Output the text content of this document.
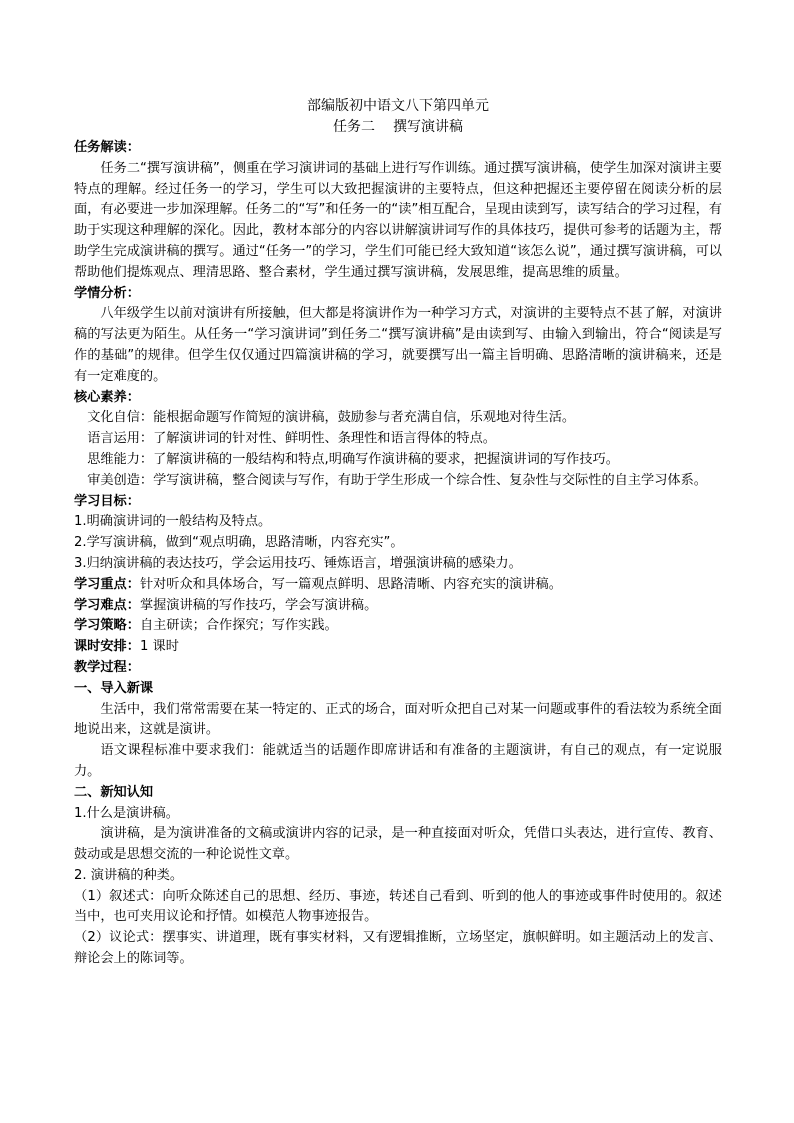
部编版初中语文八下第四单元
任务二 撰写演讲稿
任务解读：
任务二“撰写演讲稿”，侧重在学习演讲词的基础上进行写作训练。通过撰写演讲稿，使学生加深对演讲主要特点的理解。经过任务一的学习，学生可以大致把握演讲的主要特点，但这种把握还主要停留在阅读分析的层面，有必要进一步加深理解。任务二的“写”和任务一的“读”相互配合，呈现由读到写，读写结合的学习过程，有助于实现这种理解的深化。因此，教材本部分的内容以讲解演讲词写作的具体技巧，提供可参考的话题为主，帮助学生完成演讲稿的撰写。通过“任务一”的学习，学生们可能已经大致知道“该怎么说”，通过撰写演讲稿，可以帮助他们提炼观点、理清思路、整合素材，学生通过撰写演讲稿，发展思维，提高思维的质量。
学情分析：
八年级学生以前对演讲有所接触，但大都是将演讲作为一种学习方式，对演讲的主要特点不甚了解，对演讲稿的写法更为陌生。从任务一“学习演讲词”到任务二“撰写演讲稿”是由读到写、由输入到输出，符合“阅读是写作的基础”的规律。但学生仅仅通过四篇演讲稿的学习，就要撰写出一篇主旨明确、思路清晰的演讲稿来，还是有一定难度的。
核心素养：
文化自信：能根据命题写作简短的演讲稿，鼓励参与者充满自信，乐观地对待生活。
语言运用：了解演讲词的针对性、鲜明性、条理性和语言得体的特点。
思维能力：了解演讲稿的一般结构和特点,明确写作演讲稿的要求，把握演讲词的写作技巧。
审美创造：学写演讲稿，整合阅读与写作，有助于学生形成一个综合性、复杂性与交际性的自主学习体系。
学习目标：
1.明确演讲词的一般结构及特点。
2.学写演讲稿，做到“观点明确，思路清晰，内容充实”。
3.归纳演讲稿的表达技巧，学会运用技巧、锤炼语言，增强演讲稿的感染力。
学习重点：针对听众和具体场合，写一篇观点鲜明、思路清晰、内容充实的演讲稿。
学习难点：掌握演讲稿的写作技巧，学会写演讲稿。
学习策略：自主研读；合作探究；写作实践。
课时安排：1 课时
教学过程：
一、导入新课
生活中，我们常常需要在某一特定的、正式的场合，面对听众把自己对某一问题或事件的看法较为系统全面地说出来，这就是演讲。
语文课程标准中要求我们：能就适当的话题作即席讲话和有准备的主题演讲，有自己的观点，有一定说服力。
二、新知认知
1.什么是演讲稿。
演讲稿，是为演讲准备的文稿或演讲内容的记录，是一种直接面对听众，凭借口头表达，进行宣传、教育、鼓动或是思想交流的一种论说性文章。
2. 演讲稿的种类。
（1）叙述式：向听众陈述自己的思想、经历、事迹，转述自己看到、听到的他人的事迹或事件时使用的。叙述当中，也可夹用议论和抒情。如模范人物事迹报告。
（2）议论式：摆事实、讲道理，既有事实材料，又有逻辑推断，立场坚定，旗帜鲜明。如主题活动上的发言、辩论会上的陈词等。
